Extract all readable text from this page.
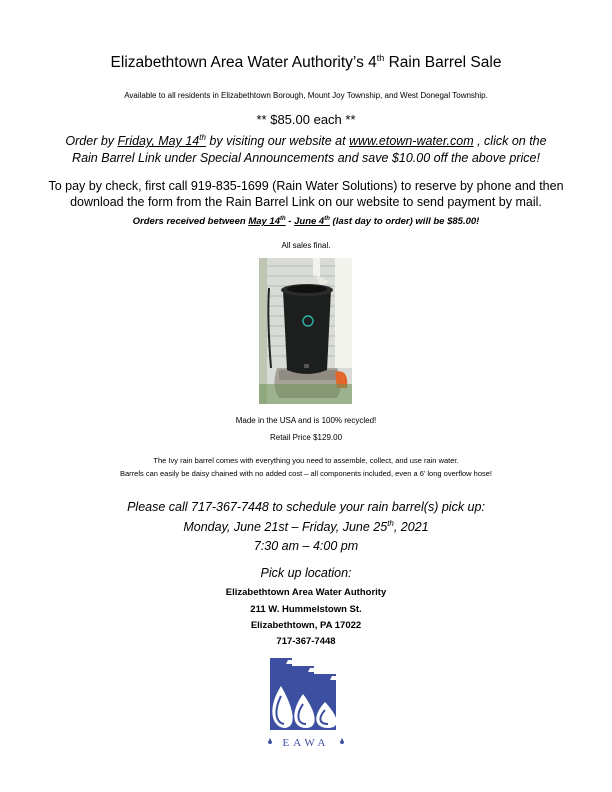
Elizabethtown Area Water Authority’s 4th Rain Barrel Sale
Available to all residents in Elizabethtown Borough, Mount Joy Township, and West Donegal Township.
** $85.00 each **
Order by Friday, May 14th by visiting our website at www.etown-water.com , click on the
Rain Barrel Link under Special Announcements and save $10.00 off the above price!
To pay by check, first call 919-835-1699 (Rain Water Solutions) to reserve by phone and then
download the form from the Rain Barrel Link on our website to send payment by mail.
Orders received between May 14th - June 4th (last day to order) will be $85.00!
All sales final.
Made in the USA and is 100% recycled!
Retail Price $129.00
The Ivy rain barrel comes with everything you need to assemble, collect, and use rain water.
Barrels can easily be daisy chained with no added cost – all components included, even a 6’ long overflow hose!
Please call 717-367-7448 to schedule your rain barrel(s) pick up:
Monday, June 21st – Friday, June 25th, 2021
7:30 am – 4:00 pm
Pick up location:
Elizabethtown Area Water Authority
211 W. Hummelstown St.
Elizabethtown, PA 17022
717-367-7448
EAWA
